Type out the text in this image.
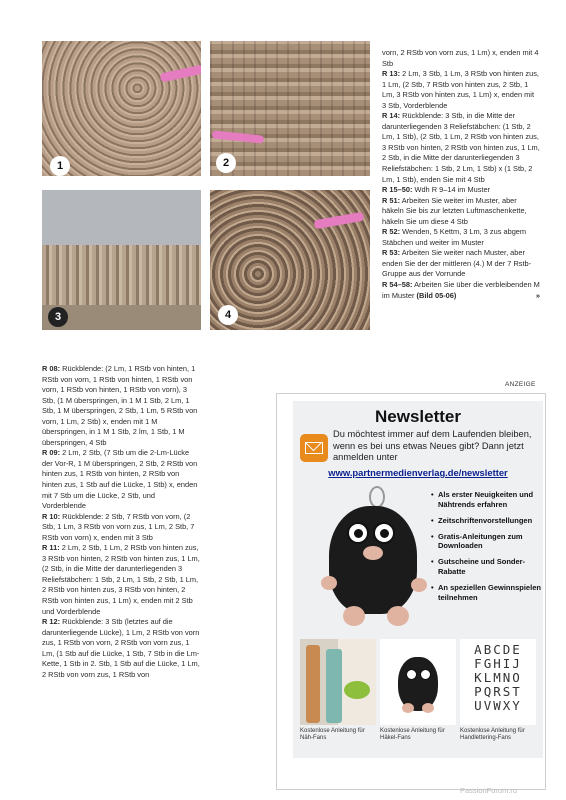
1	2
3	4

vorn, 2 RStb von vorn zus, 1 Lm) x, enden mit 4 Stb

R 13: 2 Lm, 3 Stb, 1 Lm, 3 RStb von hinten zus, 1 Lm, (2 Stb, 7 RStb von hinten zus, 2 Stb, 1 Lm, 3 RStb von hinten zus, 1 Lm) x, enden mit 3 Stb, Vorderblende

R 14: Rückblende: 3 Stb, in die Mitte der darunterliegenden 3 Reliefstäbchen: (1 Stb, 2 Lm, 1 Stb), (2 Stb, 1 Lm, 2 RStb von hinten zus, 3 RStb von hinten, 2 RStb von hinten zus, 1 Lm, 2 Stb, in die Mitte der darunterliegenden 3 Reliefstäbchen: 1 Stb, 2 Lm, 1 Stb) x (1 Stb, 2 Lm, 1 Stb), enden Sie mit 4 Stb

R 15–50: Wdh R 9–14 im Muster

R 51: Arbeiten Sie weiter im Muster, aber häkeln Sie bis zur letzten Luftmaschenkette, häkeln Sie um diese 4 Stb

R 52: Wenden, 5 Kettm, 3 Lm, 3 zus abgem Stäbchen und weiter im Muster

R 53: Arbeiten Sie weiter nach Muster, aber enden Sie der der mittleren (4.) M der 7 Rstb-Gruppe aus der Vorrunde

R 54–58: Arbeiten Sie über die verbleibenden M im Muster (Bild 05-06)	»

R 08: Rückblende: (2 Lm, 1 RStb von hinten, 1 RStb von vorn, 1 RStb von hinten, 1 RStb von vorn, 1 RStb von hinten, 1 RStb von vorn), 3 Stb, (1 M überspringen, in 1 M 1 Stb, 2 Lm, 1 Stb, 1 M überspringen, 2 Stb, 1 Lm, 5 RStb von vorn, 1 Lm, 2 Stb) x, enden mit 1 M überspringen, in 1 M 1 Stb, 2 lm, 1 Stb, 1 M überspringen, 4 Stb

R 09: 2 Lm, 2 Stb, (7 Stb um die 2-Lm-Lücke der Vor-R, 1 M überspringen, 2 Stb, 2 RStb von hinten zus, 1 RStb von hinten, 2 RStb von hinten zus, 1 Stb auf die Lücke, 1 Stb) x, enden mit 7 Stb um die Lücke, 2 Stb, und Vorderblende

R 10: Rückblende: 2 Stb, 7 RStb von vorn, (2 Stb, 1 Lm, 3 RStb von vorn zus, 1 Lm, 2 Stb, 7 RStb von vorn) x, enden mit 3 Stb

R 11: 2 Lm, 2 Stb, 1 Lm, 2 RStb von hinten zus, 3 RStb von hinten, 2 RStb von hinten zus, 1 Lm, (2 Stb, in die Mitte der darunterliegenden 3 Reliefstäbchen: 1 Stb, 2 Lm, 1 Stb, 2 Stb, 1 Lm, 2 RStb von hinten zus, 3 RStb von hinten, 2 RStb von hinten zus, 1 Lm) x, enden mit 2 Stb und Vorderblende

R 12: Rückblende: 3 Stb (letztes auf die darunterliegende Lücke), 1 Lm, 2 RStb von vorn zus, 1 RStb von vorn, 2 RStb von vorn zus, 1 Lm, (1 Stb auf die Lücke, 1 Stb, 7 Stb in die Lm-Kette, 1 Stb in 2. Stb, 1 Stb auf die Lücke, 1 Lm, 2 RStb von vorn zus, 1 RStb von

ANZEIGE
Newsletter
Du möchtest immer auf dem Laufenden bleiben, wenn es bei uns etwas Neues gibt? Dann jetzt anmelden unter
www.partnermedienverlag.de/newsletter
• Als erster Neuigkeiten und Nähtrends erfahren
• Zeitschriftenvorstellungen
• Gratis-Anleitungen zum Downloaden
• Gutscheine und Sonder-Rabatte
• An speziellen Gewinnspielen teilnehmen
ABCDE
FGHIJ
KLMNO
PQRST
UVWXY
Kostenlose Anleitung für Näh-Fans
Kostenlose Anleitung für Häkel-Fans
Kostenlose Anleitung für Handlettering-Fans
PassionForum.ru
